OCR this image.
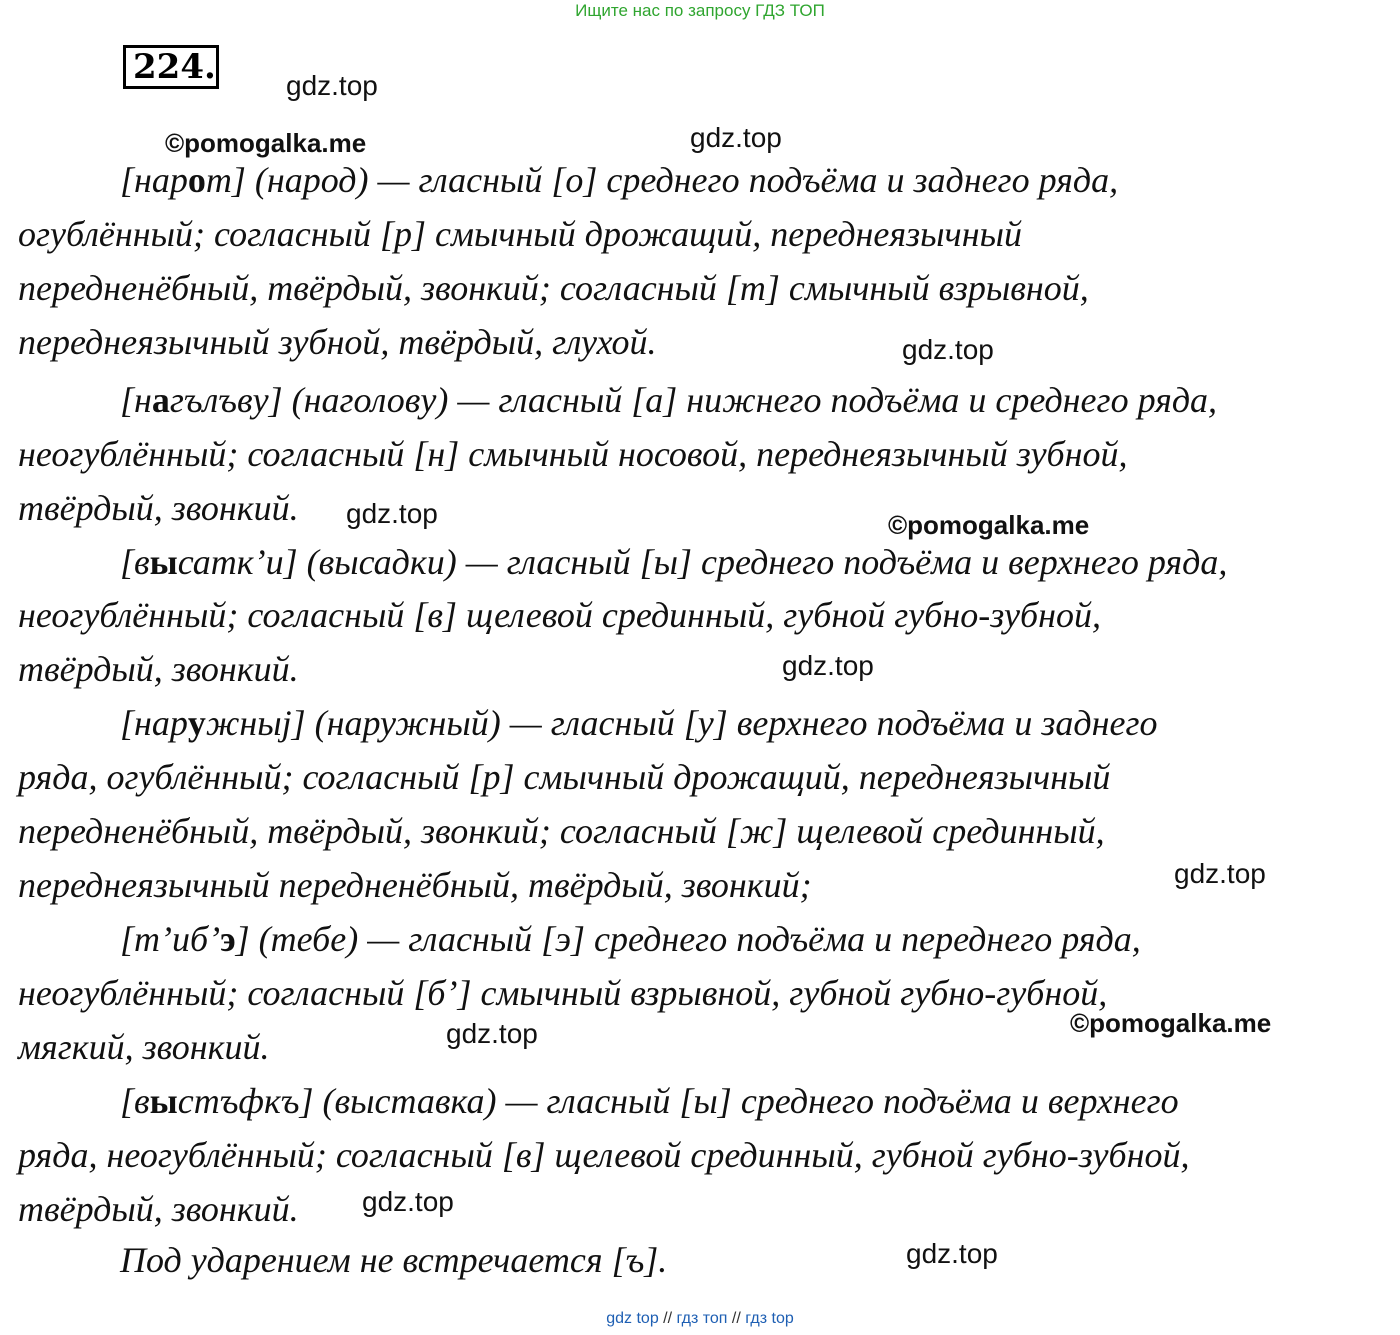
Ищите нас по запросу ГДЗ ТОП
224.	gdz.top
©pomogalka.me	gdz.top
gdz.top
gdz.top	©pomogalka.me
gdz.top
gdz.top
gdz.top	©pomogalka.me
gdz.top
gdz.top
[нарот] (народ) — гласный [о] среднего подъёма и заднего ряда,
огублённый; согласный [р] смычный дрожащий, переднеязычный
передненёбный, твёрдый, звонкий; согласный [т] смычный взрывной,
переднеязычный зубной, твёрдый, глухой.
[нагълъву] (наголову) — гласный [а] нижнего подъёма и среднего ряда,
неогублённый; согласный [н] смычный носовой, переднеязычный зубной,
твёрдый, звонкий.
[высатк’и] (высадки) — гласный [ы] среднего подъёма и верхнего ряда,
неогублённый; согласный [в] щелевой срединный, губной губно-зубной,
твёрдый, звонкий.
[наружныj] (наружный) — гласный [у] верхнего подъёма и заднего
ряда, огублённый; согласный [р] смычный дрожащий, переднеязычный
передненёбный, твёрдый, звонкий; согласный [ж] щелевой срединный,
переднеязычный передненёбный, твёрдый, звонкий;
[т’иб’э] (тебе) — гласный [э] среднего подъёма и переднего ряда,
неогублённый; согласный [б’] смычный взрывной, губной губно-губной,
мягкий, звонкий.
[выстъфкъ] (выставка) — гласный [ы] среднего подъёма и верхнего
ряда, неогублённый; согласный [в] щелевой срединный, губной губно-зубной,
твёрдый, звонкий.
Под ударением не встречается [ъ].
gdz top // гдз топ // гдз top
